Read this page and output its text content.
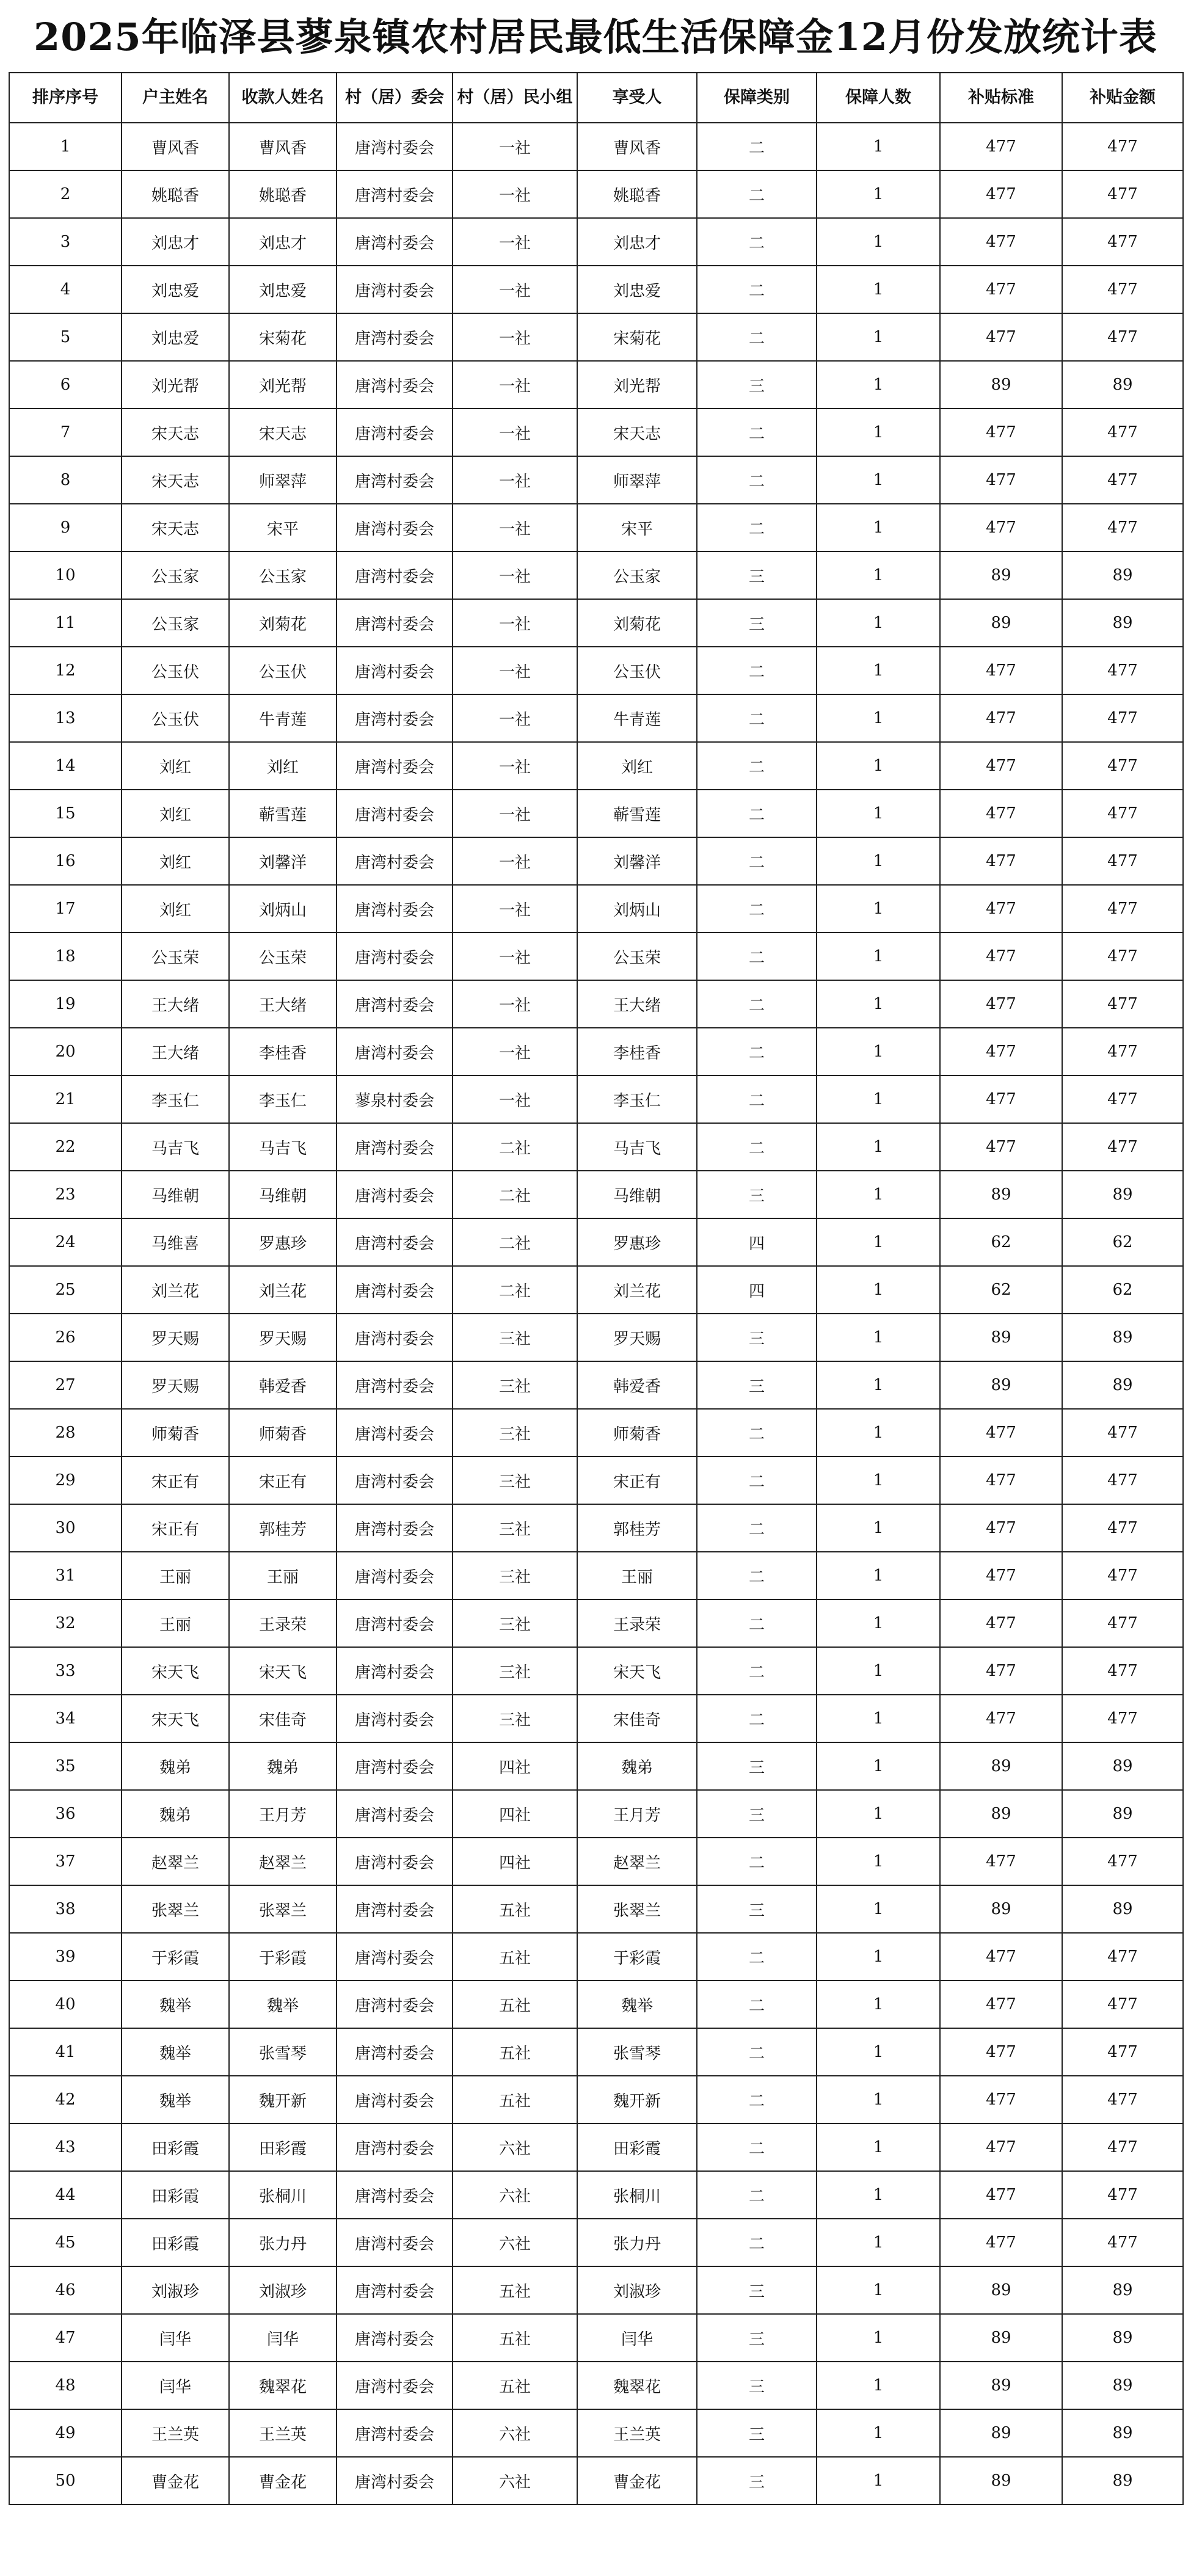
2025年临泽县蓼泉镇农村居民最低生活保障金12月份发放统计表
排序序号	户主姓名	收款人姓名	村（居）委会	村（居）民小组	享受人	保障类别	保障人数	补贴标准	补贴金额
1	曹风香	曹风香	唐湾村委会	一社	曹风香	二	1	477	477
2	姚聪香	姚聪香	唐湾村委会	一社	姚聪香	二	1	477	477
3	刘忠才	刘忠才	唐湾村委会	一社	刘忠才	二	1	477	477
4	刘忠爱	刘忠爱	唐湾村委会	一社	刘忠爱	二	1	477	477
5	刘忠爱	宋菊花	唐湾村委会	一社	宋菊花	二	1	477	477
6	刘光帮	刘光帮	唐湾村委会	一社	刘光帮	三	1	89	89
7	宋天志	宋天志	唐湾村委会	一社	宋天志	二	1	477	477
8	宋天志	师翠萍	唐湾村委会	一社	师翠萍	二	1	477	477
9	宋天志	宋平	唐湾村委会	一社	宋平	二	1	477	477
10	公玉家	公玉家	唐湾村委会	一社	公玉家	三	1	89	89
11	公玉家	刘菊花	唐湾村委会	一社	刘菊花	三	1	89	89
12	公玉伏	公玉伏	唐湾村委会	一社	公玉伏	二	1	477	477
13	公玉伏	牛青莲	唐湾村委会	一社	牛青莲	二	1	477	477
14	刘红	刘红	唐湾村委会	一社	刘红	二	1	477	477
15	刘红	蕲雪莲	唐湾村委会	一社	蕲雪莲	二	1	477	477
16	刘红	刘馨洋	唐湾村委会	一社	刘馨洋	二	1	477	477
17	刘红	刘炳山	唐湾村委会	一社	刘炳山	二	1	477	477
18	公玉荣	公玉荣	唐湾村委会	一社	公玉荣	二	1	477	477
19	王大绪	王大绪	唐湾村委会	一社	王大绪	二	1	477	477
20	王大绪	李桂香	唐湾村委会	一社	李桂香	二	1	477	477
21	李玉仁	李玉仁	蓼泉村委会	一社	李玉仁	二	1	477	477
22	马吉飞	马吉飞	唐湾村委会	二社	马吉飞	二	1	477	477
23	马维朝	马维朝	唐湾村委会	二社	马维朝	三	1	89	89
24	马维喜	罗惠珍	唐湾村委会	二社	罗惠珍	四	1	62	62
25	刘兰花	刘兰花	唐湾村委会	二社	刘兰花	四	1	62	62
26	罗天赐	罗天赐	唐湾村委会	三社	罗天赐	三	1	89	89
27	罗天赐	韩爱香	唐湾村委会	三社	韩爱香	三	1	89	89
28	师菊香	师菊香	唐湾村委会	三社	师菊香	二	1	477	477
29	宋正有	宋正有	唐湾村委会	三社	宋正有	二	1	477	477
30	宋正有	郭桂芳	唐湾村委会	三社	郭桂芳	二	1	477	477
31	王丽	王丽	唐湾村委会	三社	王丽	二	1	477	477
32	王丽	王录荣	唐湾村委会	三社	王录荣	二	1	477	477
33	宋天飞	宋天飞	唐湾村委会	三社	宋天飞	二	1	477	477
34	宋天飞	宋佳奇	唐湾村委会	三社	宋佳奇	二	1	477	477
35	魏弟	魏弟	唐湾村委会	四社	魏弟	三	1	89	89
36	魏弟	王月芳	唐湾村委会	四社	王月芳	三	1	89	89
37	赵翠兰	赵翠兰	唐湾村委会	四社	赵翠兰	二	1	477	477
38	张翠兰	张翠兰	唐湾村委会	五社	张翠兰	三	1	89	89
39	于彩霞	于彩霞	唐湾村委会	五社	于彩霞	二	1	477	477
40	魏举	魏举	唐湾村委会	五社	魏举	二	1	477	477
41	魏举	张雪琴	唐湾村委会	五社	张雪琴	二	1	477	477
42	魏举	魏开新	唐湾村委会	五社	魏开新	二	1	477	477
43	田彩霞	田彩霞	唐湾村委会	六社	田彩霞	二	1	477	477
44	田彩霞	张桐川	唐湾村委会	六社	张桐川	二	1	477	477
45	田彩霞	张力丹	唐湾村委会	六社	张力丹	二	1	477	477
46	刘淑珍	刘淑珍	唐湾村委会	五社	刘淑珍	三	1	89	89
47	闫华	闫华	唐湾村委会	五社	闫华	三	1	89	89
48	闫华	魏翠花	唐湾村委会	五社	魏翠花	三	1	89	89
49	王兰英	王兰英	唐湾村委会	六社	王兰英	三	1	89	89
50	曹金花	曹金花	唐湾村委会	六社	曹金花	三	1	89	89
